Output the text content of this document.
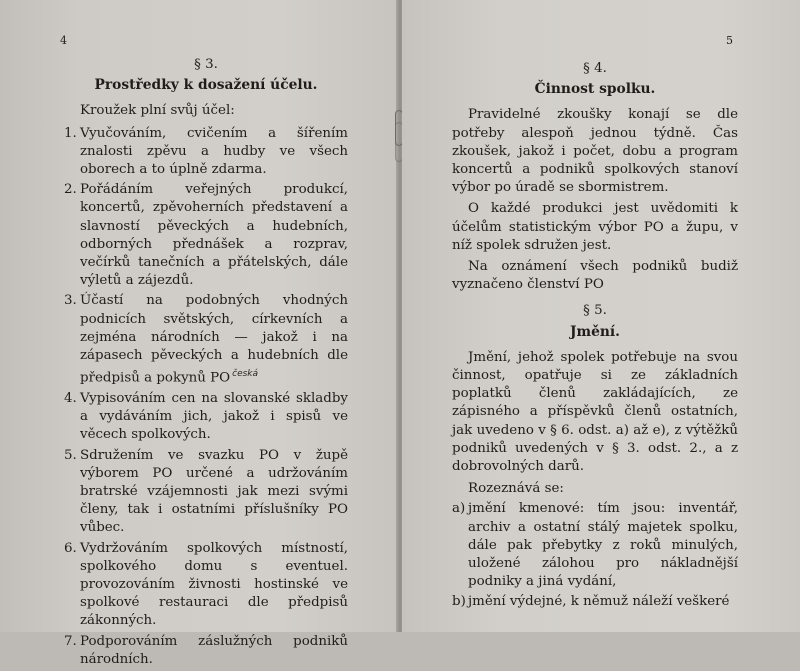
4

§ 3.

Prostředky k dosažení účelu.

Kroužek plní svůj účel:

1. Vyučováním, cvičením a šířením znalosti zpěvu a hudby ve všech oborech a to úplně zdarma.
2. Pořádáním veřejných produkcí, koncertů, zpěvoherních představení a slavností pěveckých a hudebních, odborných přednášek a rozprav, večírků tanečních a přátelských, dále výletů a zájezdů.
3. Účastí na podobných vhodných podnicích světských, církevních a zejména národních — jakož i na zápasech pěveckých a hudebních dle předpisů a pokynů PO $^{česká}$
4. Vypisováním cen na slovanské skladby a vydáváním jich, jakož i spisů ve věcech spolkových.
5. Sdružením ve svazku PO v župě výborem PO určené a udržováním bratrské vzájemnosti jak mezi svými členy, tak i ostatními příslušníky PO vůbec.
6. Vydržováním spolkových místností, spolkového domu s eventuel. provozováním živnosti hostinské ve spolkové restauraci dle předpisů zákonných.
7. Podporováním záslužných podniků národních.
5

§ 4.

Činnost spolku.

Pravidelné zkoušky konají se dle potřeby alespoň jednou týdně. Čas zkoušek, jakož i počet, dobu a program koncertů a podniků spolkových stanoví výbor po úradě se sbormistrem.

O každé produkci jest uvědomiti k účelům statistickým výbor PO a župu, v níž spolek sdružen jest.

Na oznámení všech podniků budiž vyznačeno členství PO

§ 5.

Jmění.

Jmění, jehož spolek potřebuje na svou činnost, opatřuje si ze základních poplatků členů zakládajících, ze zápisného a příspěvků členů ostatních, jak uvedeno v § 6. odst. a) až e), z výtěžků podniků uvedených v § 3. odst. 2., a z dobrovolných darů.

Rozeznává se:

a) jmění kmenové: tím jsou: inventář, archiv a ostatní stálý majetek spolku, dále pak přebytky z roků minulých, uložené zálohou pro nákladnější podniky a jiná vydání,
b) jmění výdejné, k němuž náleží veškeré
